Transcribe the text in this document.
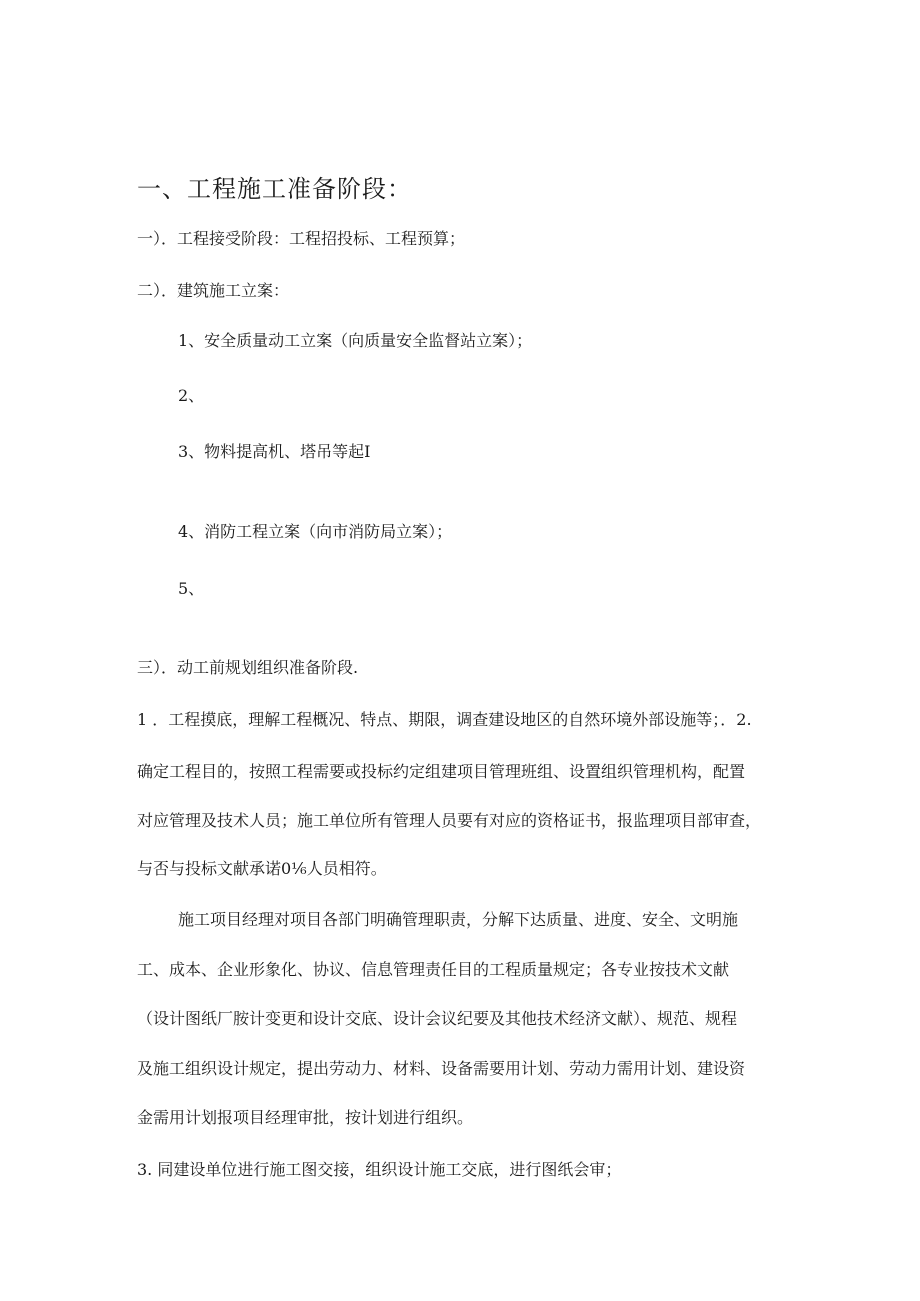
一、工程施工准备阶段：
一）．工程接受阶段：工程招投标、工程预算；
二）．建筑施工立案：
1、安全质量动工立案（向质量安全监督站立案）；
2、
3、物料提高机、塔吊等起Ⅰ
4、消防工程立案（向市消防局立案）；
5、
三）．动工前规划组织准备阶段.
1 ．工程摸底，理解工程概况、特点、期限，调查建设地区的自然环境外部设施等；．2.
确定工程目的，按照工程需要或投标约定组建项目管理班组、设置组织管理机构，配置
对应管理及技术人员；施工单位所有管理人员要有对应的资格证书，报监理项目部审查，
与否与投标文献承诺0⅙人员相符。
施工项目经理对项目各部门明确管理职责，分解下达质量、进度、安全、文明施
工、成本、企业形象化、协议、信息管理责任目的工程质量规定；各专业按技术文献
（设计图纸厂胺计变更和设计交底、设计会议纪要及其他技术经济文献）、规范、规程
及施工组织设计规定，提出劳动力、材料、设备需要用计划、劳动力需用计划、建设资
金需用计划报项目经理审批，按计划进行组织。
3. 同建设单位进行施工图交接，组织设计施工交底，进行图纸会审；
